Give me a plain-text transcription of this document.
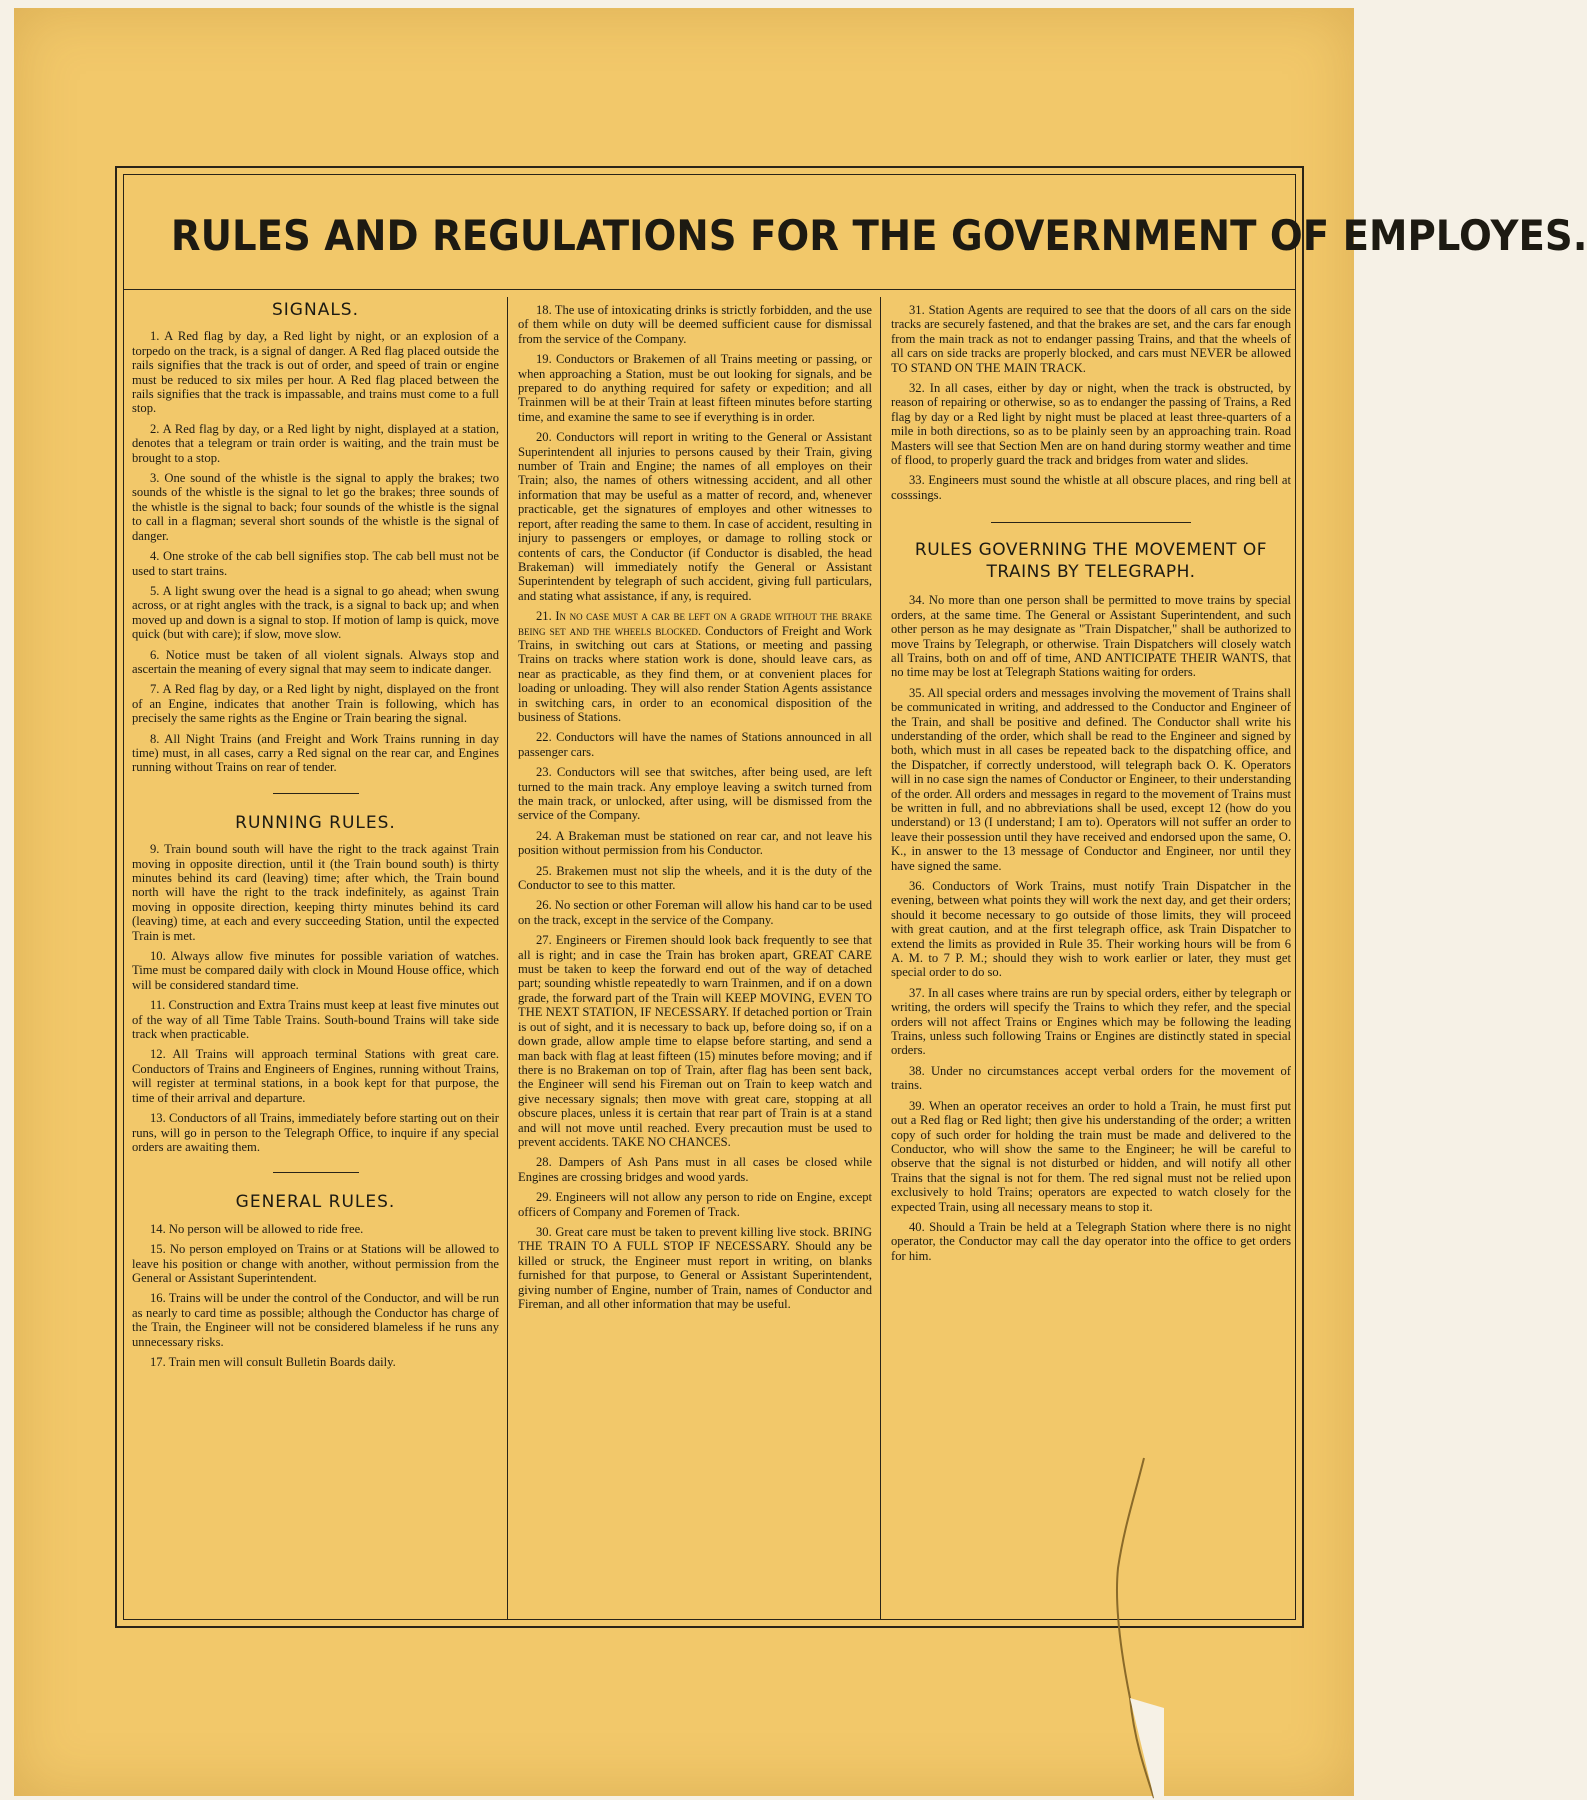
RULES AND REGULATIONS FOR THE GOVERNMENT OF EMPLOYES.
SIGNALS.

1. A Red flag by day, a Red light by night, or an explosion of a torpedo on the track, is a signal of danger. A Red flag placed outside the rails signifies that the track is out of order, and speed of train or engine must be reduced to six miles per hour. A Red flag placed between the rails signifies that the track is impassable, and trains must come to a full stop.

2. A Red flag by day, or a Red light by night, displayed at a station, denotes that a telegram or train order is waiting, and the train must be brought to a stop.

3. One sound of the whistle is the signal to apply the brakes; two sounds of the whistle is the signal to let go the brakes; three sounds of the whistle is the signal to back; four sounds of the whistle is the signal to call in a flagman; several short sounds of the whistle is the signal of danger.

4. One stroke of the cab bell signifies stop. The cab bell must not be used to start trains.

5. A light swung over the head is a signal to go ahead; when swung across, or at right angles with the track, is a signal to back up; and when moved up and down is a signal to stop. If motion of lamp is quick, move quick (but with care); if slow, move slow.

6. Notice must be taken of all violent signals. Always stop and ascertain the meaning of every signal that may seem to indicate danger.

7. A Red flag by day, or a Red light by night, displayed on the front of an Engine, indicates that another Train is following, which has precisely the same rights as the Engine or Train bearing the signal.

8. All Night Trains (and Freight and Work Trains running in day time) must, in all cases, carry a Red signal on the rear car, and Engines running without Trains on rear of tender.

RUNNING RULES.

9. Train bound south will have the right to the track against Train moving in opposite direction, until it (the Train bound south) is thirty minutes behind its card (leaving) time; after which, the Train bound north will have the right to the track indefinitely, as against Train moving in opposite direction, keeping thirty minutes behind its card (leaving) time, at each and every succeeding Station, until the expected Train is met.

10. Always allow five minutes for possible variation of watches. Time must be compared daily with clock in Mound House office, which will be considered standard time.

11. Construction and Extra Trains must keep at least five minutes out of the way of all Time Table Trains. South-bound Trains will take side track when practicable.

12. All Trains will approach terminal Stations with great care. Conductors of Trains and Engineers of Engines, running without Trains, will register at terminal stations, in a book kept for that purpose, the time of their arrival and departure.

13. Conductors of all Trains, immediately before starting out on their runs, will go in person to the Telegraph Office, to inquire if any special orders are awaiting them.

GENERAL RULES.

14. No person will be allowed to ride free.

15. No person employed on Trains or at Stations will be allowed to leave his position or change with another, without permission from the General or Assistant Superintendent.

16. Trains will be under the control of the Conductor, and will be run as nearly to card time as possible; although the Conductor has charge of the Train, the Engineer will not be considered blameless if he runs any unnecessary risks.

17. Train men will consult Bulletin Boards daily.

18. The use of intoxicating drinks is strictly forbidden, and the use of them while on duty will be deemed sufficient cause for dismissal from the service of the Company.

19. Conductors or Brakemen of all Trains meeting or passing, or when approaching a Station, must be out looking for signals, and be prepared to do anything required for safety or expedition; and all Trainmen will be at their Train at least fifteen minutes before starting time, and examine the same to see if everything is in order.

20. Conductors will report in writing to the General or Assistant Superintendent all injuries to persons caused by their Train, giving number of Train and Engine; the names of all employes on their Train; also, the names of others witnessing accident, and all other information that may be useful as a matter of record, and, whenever practicable, get the signatures of employes and other witnesses to report, after reading the same to them. In case of accident, resulting in injury to passengers or employes, or damage to rolling stock or contents of cars, the Conductor (if Conductor is disabled, the head Brakeman) will immediately notify the General or Assistant Superintendent by telegraph of such accident, giving full particulars, and stating what assistance, if any, is required.

21. In no case must a car be left on a grade without the brake being set and the wheels blocked. Conductors of Freight and Work Trains, in switching out cars at Stations, or meeting and passing Trains on tracks where station work is done, should leave cars, as near as practicable, as they find them, or at convenient places for loading or unloading. They will also render Station Agents assistance in switching cars, in order to an economical disposition of the business of Stations.

22. Conductors will have the names of Stations announced in all passenger cars.

23. Conductors will see that switches, after being used, are left turned to the main track. Any employe leaving a switch turned from the main track, or unlocked, after using, will be dismissed from the service of the Company.

24. A Brakeman must be stationed on rear car, and not leave his position without permission from his Conductor.

25. Brakemen must not slip the wheels, and it is the duty of the Conductor to see to this matter.

26. No section or other Foreman will allow his hand car to be used on the track, except in the service of the Company.

27. Engineers or Firemen should look back frequently to see that all is right; and in case the Train has broken apart, GREAT CARE must be taken to keep the forward end out of the way of detached part; sounding whistle repeatedly to warn Trainmen, and if on a down grade, the forward part of the Train will KEEP MOVING, EVEN TO THE NEXT STATION, IF NECESSARY. If detached portion or Train is out of sight, and it is necessary to back up, before doing so, if on a down grade, allow ample time to elapse before starting, and send a man back with flag at least fifteen (15) minutes before moving; and if there is no Brakeman on top of Train, after flag has been sent back, the Engineer will send his Fireman out on Train to keep watch and give necessary signals; then move with great care, stopping at all obscure places, unless it is certain that rear part of Train is at a stand and will not move until reached. Every precaution must be used to prevent accidents. TAKE NO CHANCES.

28. Dampers of Ash Pans must in all cases be closed while Engines are crossing bridges and wood yards.

29. Engineers will not allow any person to ride on Engine, except officers of Company and Foremen of Track.

30. Great care must be taken to prevent killing live stock. BRING THE TRAIN TO A FULL STOP IF NECESSARY. Should any be killed or struck, the Engineer must report in writing, on blanks furnished for that purpose, to General or Assistant Superintendent, giving number of Engine, number of Train, names of Conductor and Fireman, and all other information that may be useful.

31. Station Agents are required to see that the doors of all cars on the side tracks are securely fastened, and that the brakes are set, and the cars far enough from the main track as not to endanger passing Trains, and that the wheels of all cars on side tracks are properly blocked, and cars must NEVER be allowed TO STAND ON THE MAIN TRACK.

32. In all cases, either by day or night, when the track is obstructed, by reason of repairing or otherwise, so as to endanger the passing of Trains, a Red flag by day or a Red light by night must be placed at least three-quarters of a mile in both directions, so as to be plainly seen by an approaching train. Road Masters will see that Section Men are on hand during stormy weather and time of flood, to properly guard the track and bridges from water and slides.

33. Engineers must sound the whistle at all obscure places, and ring bell at cosssings.

RULES GOVERNING THE MOVEMENT OF TRAINS BY TELEGRAPH.

34. No more than one person shall be permitted to move trains by special orders, at the same time. The General or Assistant Superintendent, and such other person as he may designate as "Train Dispatcher," shall be authorized to move Trains by Telegraph, or otherwise. Train Dispatchers will closely watch all Trains, both on and off of time, AND ANTICIPATE THEIR WANTS, that no time may be lost at Telegraph Stations waiting for orders.

35. All special orders and messages involving the movement of Trains shall be communicated in writing, and addressed to the Conductor and Engineer of the Train, and shall be positive and defined. The Conductor shall write his understanding of the order, which shall be read to the Engineer and signed by both, which must in all cases be repeated back to the dispatching office, and the Dispatcher, if correctly understood, will telegraph back O. K. Operators will in no case sign the names of Conductor or Engineer, to their understanding of the order. All orders and messages in regard to the movement of Trains must be written in full, and no abbreviations shall be used, except 12 (how do you understand) or 13 (I understand; I am to). Operators will not suffer an order to leave their possession until they have received and endorsed upon the same, O. K., in answer to the 13 message of Conductor and Engineer, nor until they have signed the same.

36. Conductors of Work Trains, must notify Train Dispatcher in the evening, between what points they will work the next day, and get their orders; should it become necessary to go outside of those limits, they will proceed with great caution, and at the first telegraph office, ask Train Dispatcher to extend the limits as provided in Rule 35. Their working hours will be from 6 A. M. to 7 P. M.; should they wish to work earlier or later, they must get special order to do so.

37. In all cases where trains are run by special orders, either by telegraph or writing, the orders will specify the Trains to which they refer, and the special orders will not affect Trains or Engines which may be following the leading Trains, unless such following Trains or Engines are distinctly stated in special orders.

38. Under no circumstances accept verbal orders for the movement of trains.

39. When an operator receives an order to hold a Train, he must first put out a Red flag or Red light; then give his understanding of the order; a written copy of such order for holding the train must be made and delivered to the Conductor, who will show the same to the Engineer; he will be careful to observe that the signal is not disturbed or hidden, and will notify all other Trains that the signal is not for them. The red signal must not be relied upon exclusively to hold Trains; operators are expected to watch closely for the expected Train, using all necessary means to stop it.

40. Should a Train be held at a Telegraph Station where there is no night operator, the Conductor may call the day operator into the office to get orders for him.
